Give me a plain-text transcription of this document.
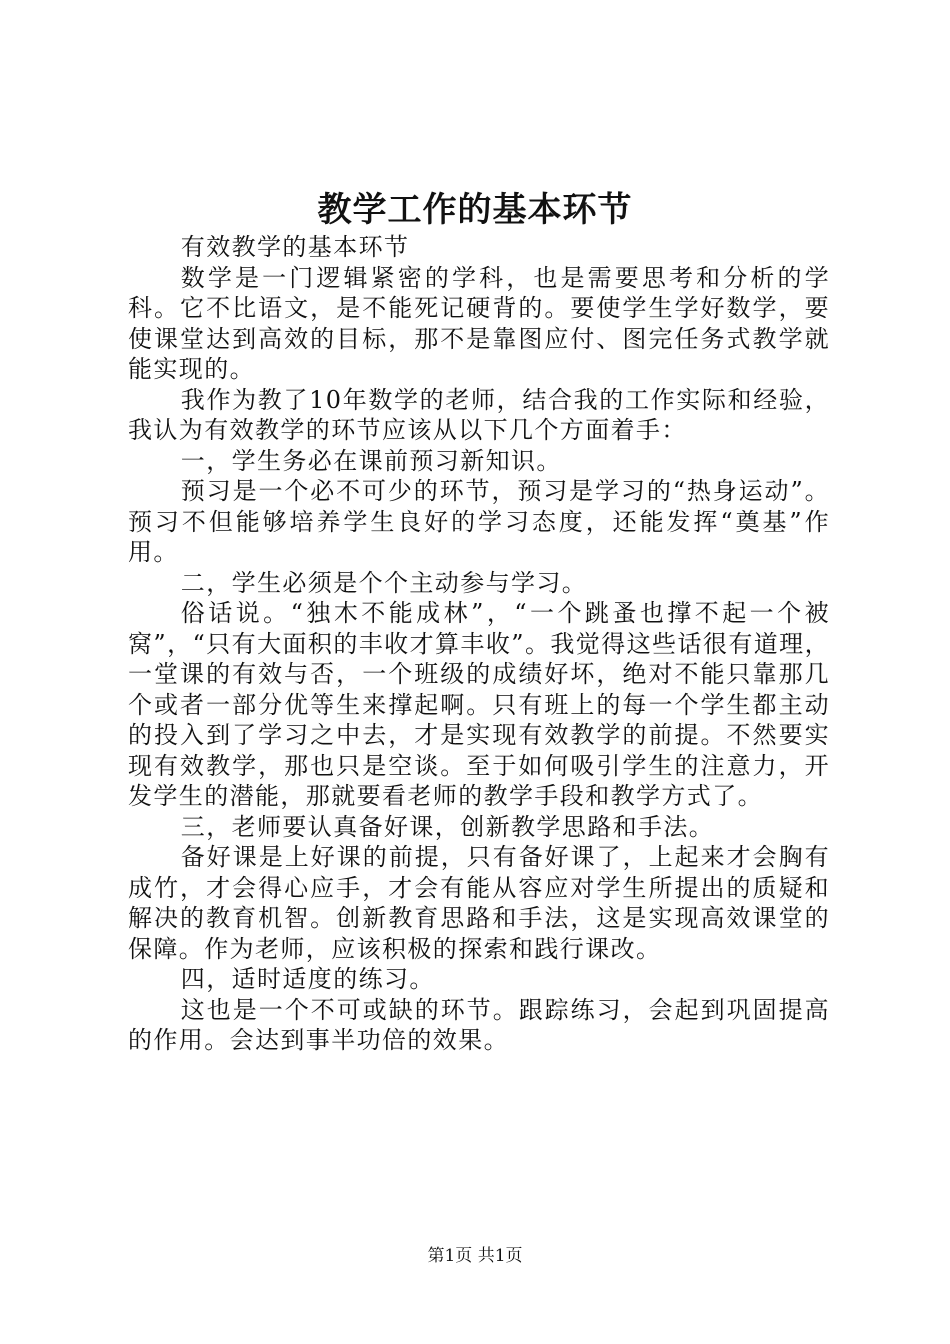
教学工作的基本环节

有效教学的基本环节

数学是一门逻辑紧密的学科，也是需要思考和分析的学科。它不比语文，是不能死记硬背的。要使学生学好数学，要使课堂达到高效的目标，那不是靠图应付、图完任务式教学就能实现的。

我作为教了10年数学的老师，结合我的工作实际和经验，我认为有效教学的环节应该从以下几个方面着手：

一，学生务必在课前预习新知识。

预习是一个必不可少的环节，预习是学习的“热身运动”。预习不但能够培养学生良好的学习态度，还能发挥“奠基”作用。

二，学生必须是个个主动参与学习。

俗话说。“独木不能成林”，“一个跳蚤也撑不起一个被窝”，“只有大面积的丰收才算丰收”。我觉得这些话很有道理，一堂课的有效与否，一个班级的成绩好坏，绝对不能只靠那几个或者一部分优等生来撑起啊。只有班上的每一个学生都主动的投入到了学习之中去，才是实现有效教学的前提。不然要实现有效教学，那也只是空谈。至于如何吸引学生的注意力，开发学生的潜能，那就要看老师的教学手段和教学方式了。

三，老师要认真备好课，创新教学思路和手法。

备好课是上好课的前提，只有备好课了，上起来才会胸有成竹，才会得心应手，才会有能从容应对学生所提出的质疑和解决的教育机智。创新教育思路和手法，这是实现高效课堂的保障。作为老师，应该积极的探索和践行课改。

四，适时适度的练习。

这也是一个不可或缺的环节。跟踪练习，会起到巩固提高的作用。会达到事半功倍的效果。

第1页 共1页
